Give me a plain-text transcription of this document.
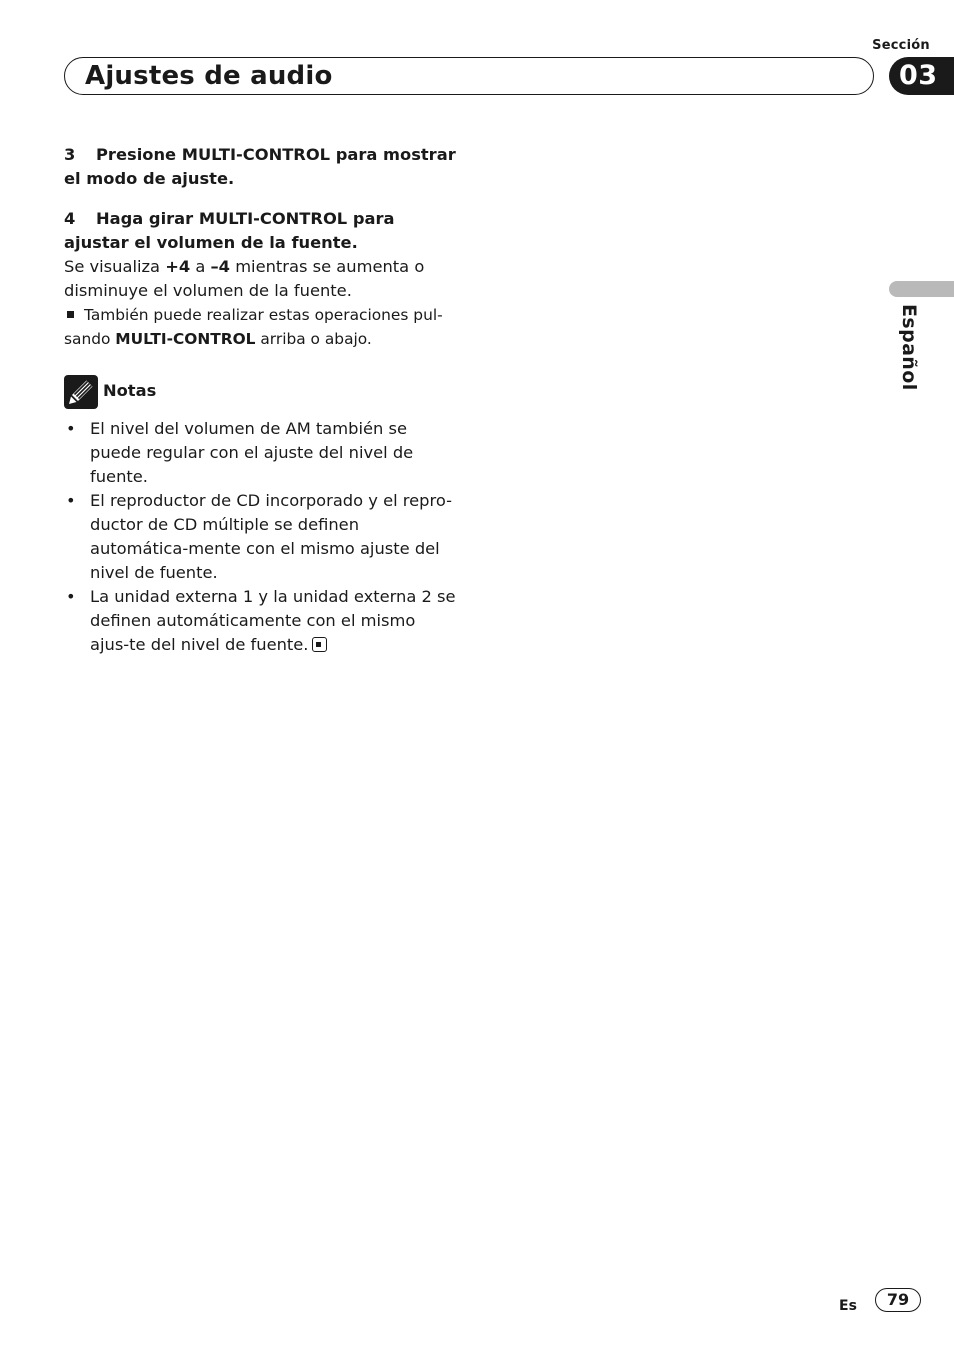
Sección
Ajustes de audio	03
Español

3 Presione MULTI-CONTROL para mostrar el modo de ajuste.

4 Haga girar MULTI-CONTROL para ajustar el volumen de la fuente.

Se visualiza +4 a –4 mientras se aumenta o disminuye el volumen de la fuente.

También puede realizar estas operaciones pul-sando MULTI-CONTROL arriba o abajo.

Notas
• El nivel del volumen de AM también se puede regular con el ajuste del nivel de fuente.
• El reproductor de CD incorporado y el repro-ductor de CD múltiple se definen automática-mente con el mismo ajuste del nivel de fuente.
• La unidad externa 1 y la unidad externa 2 se definen automáticamente con el mismo ajus-te del nivel de fuente.
Es	79
